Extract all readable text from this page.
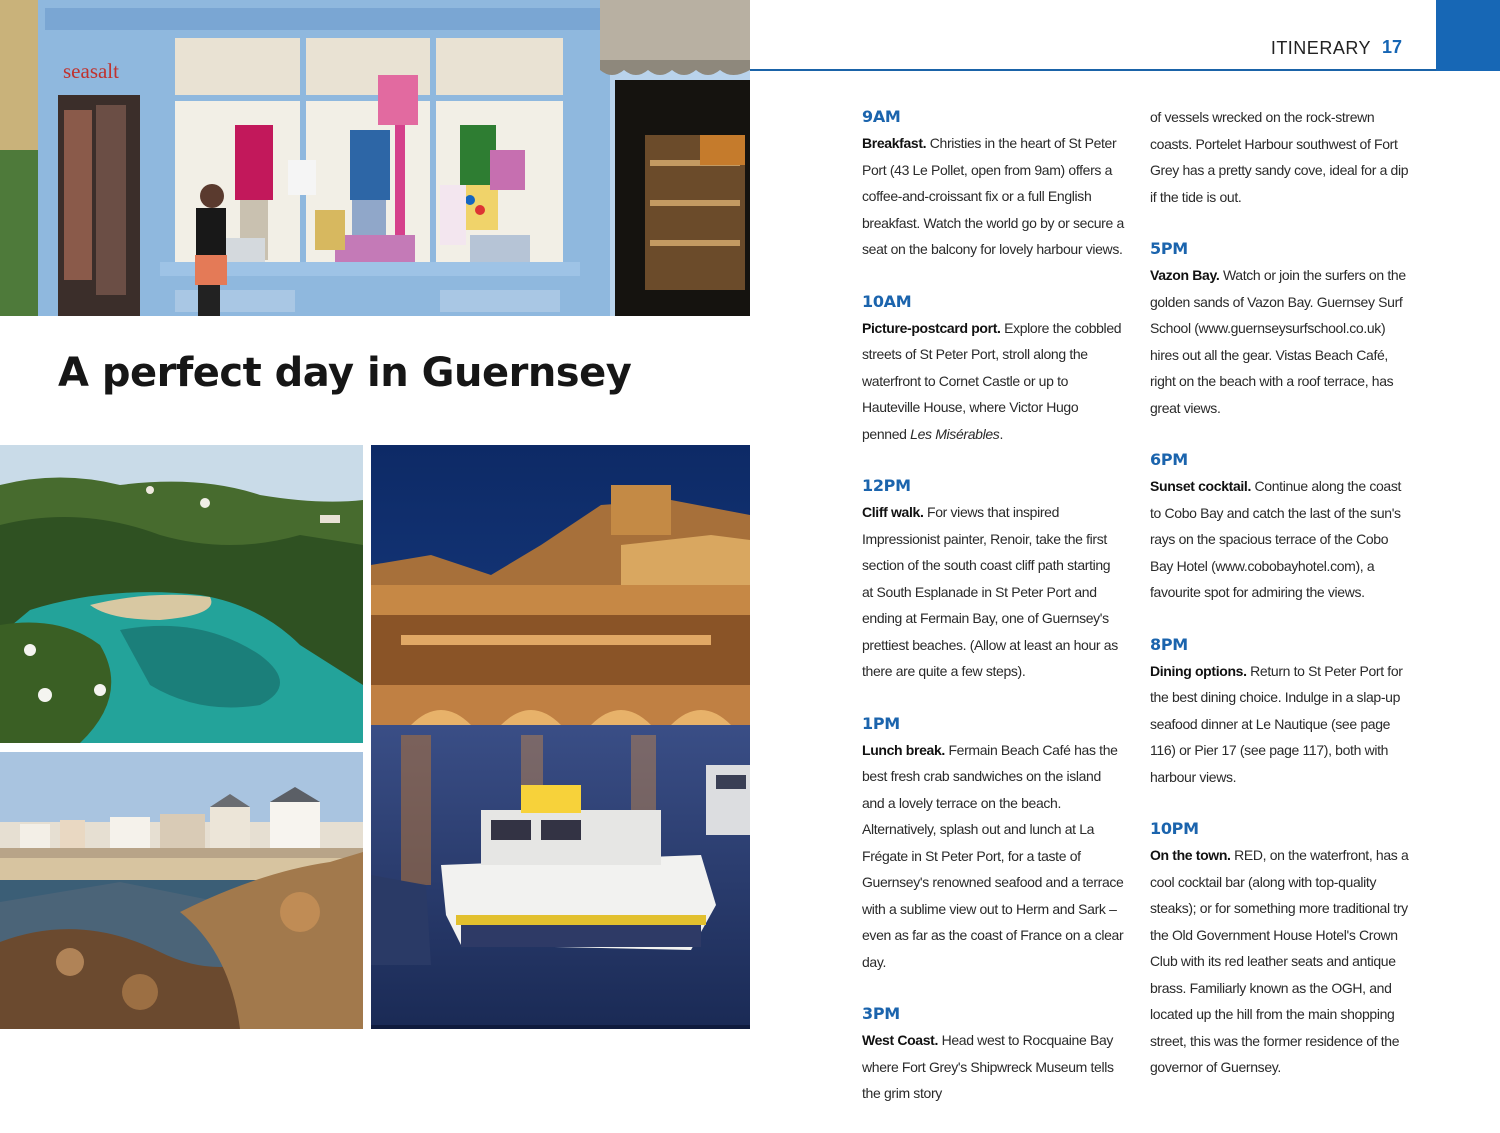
seasalt
A perfect day in Guernsey
ITINERARY 17
9AM
Breakfast. Christies in the heart of St Peter Port (43 Le Pollet, open from 9am) offers a coffee-and-croissant fix or a full English breakfast. Watch the world go by or secure a seat on the balcony for lovely harbour views.
10AM
Picture-postcard port. Explore the cobbled streets of St Peter Port, stroll along the waterfront to Cornet Castle or up to Hauteville House, where Victor Hugo penned Les Misérables.
12PM
Cliff walk. For views that inspired Impressionist painter, Renoir, take the first section of the south coast cliff path starting at South Esplanade in St Peter Port and ending at Fermain Bay, one of Guernsey's prettiest beaches. (Allow at least an hour as there are quite a few steps).
1PM
Lunch break. Fermain Beach Café has the best fresh crab sandwiches on the island and a lovely terrace on the beach. Alternatively, splash out and lunch at La Frégate in St Peter Port, for a taste of Guernsey's renowned seafood and a terrace with a sublime view out to Herm and Sark – even as far as the coast of France on a clear day.
3PM
West Coast. Head west to Rocquaine Bay where Fort Grey's Shipwreck Museum tells the grim story
of vessels wrecked on the rock-strewn coasts. Portelet Harbour southwest of Fort Grey has a pretty sandy cove, ideal for a dip if the tide is out.
5PM
Vazon Bay. Watch or join the surfers on the golden sands of Vazon Bay. Guernsey Surf School (www.guernseysurfschool.co.uk) hires out all the gear. Vistas Beach Café, right on the beach with a roof terrace, has great views.
6PM
Sunset cocktail. Continue along the coast to Cobo Bay and catch the last of the sun's rays on the spacious terrace of the Cobo Bay Hotel (www.cobobayhotel.com), a favourite spot for admiring the views.
8PM
Dining options. Return to St Peter Port for the best dining choice. Indulge in a slap-up seafood dinner at Le Nautique (see page 116) or Pier 17 (see page 117), both with harbour views.
10PM
On the town. RED, on the waterfront, has a cool cocktail bar (along with top-quality steaks); or for something more traditional try the Old Government House Hotel's Crown Club with its red leather seats and antique brass. Familiarly known as the OGH, and located up the hill from the main shopping street, this was the former residence of the governor of Guernsey.
